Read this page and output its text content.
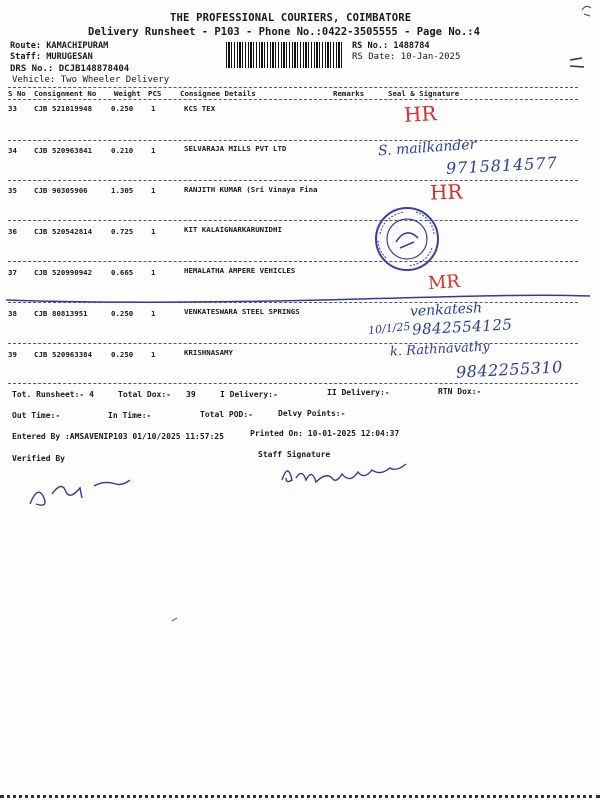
THE PROFESSIONAL COURIERS, COIMBATORE
Delivery Runsheet - P103 - Phone No.:0422-3505555 - Page No.:4
Route: KAMACHIPURAM
Staff: MURUGESAN
DRS No.: DCJB148878404
Vehicle: Two Wheeler Delivery
RS No.: 1488784
RS Date: 10-Jan-2025
S No Consignment No Weight PCS	Consignee Details	Remarks	Seal & Signature
33 CJB 521019948	0.250 1	KCS TEX
34 CJB 520963841	0.210 1	SELVARAJA MILLS PVT LTD
35 CJB 90305906	1.305 1	RANJITH KUMAR (Sri Vinaya Fina
36 CJB 520542814	0.725 1	KIT KALAIGNARKARUNIDHI
37 CJB 520990942	0.665 1	HEMALATHA AMPERE VEHICLES
38 CJB 80813951	0.250 1	VENKATESWARA STEEL SPRINGS
39 CJB 520963384	0.250 1	KRISHNASAMY
Tot. Runsheet:- 4	Total Dox:- 39	I Delivery:-	II Delivery:-	RTN Dox:-
Out Time:-	In Time:-	Total POD:-	Delvy Points:-
Entered By :AMSAVENIP103 01/10/2025 11:57:25	Printed On: 10-01-2025 12:04:37
Verified By	Staff Signature
HR
S. mailkander
9715814577
HR
MR
venkatesh
10/1/25 9842554125
k. Rathnavathy
9842255310
